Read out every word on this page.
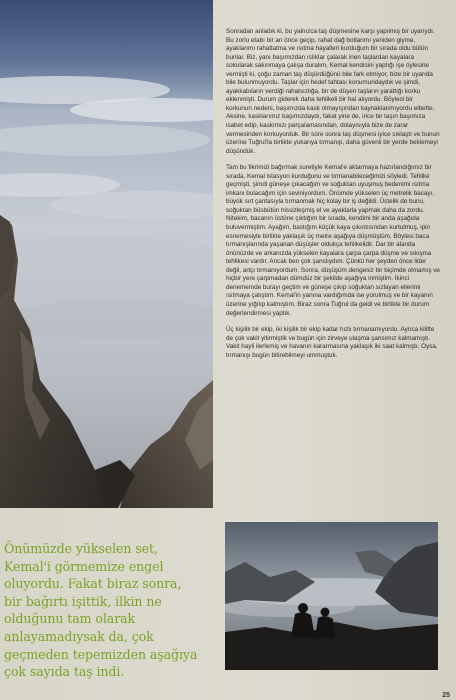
Sonradan anladık ki, bu yalnızca taş düşmesine karşı yapılmış bir uyarıydı. Bu zorlu etabı bir an önce geçip, rahat dağ botlarımı yeniden giyme, ayaklarımı rahatlatma ve ısıtma hayalleri kurduğum bir sırada oldu bütün bunlar. Biz, yanı başımızdan ıslıklar çalarak inen taşlardan kayalara sokularak sakınmaya çalışa duralım, Kemal kendisini yaptığı işe öylesine vermişti ki, çoğu zaman taş düşürdüğünü bile fark etmiyor, bize bir uyarıda bile bulunmuyordu. Taşlar için hedef tahtası konumundaydık ve şimdi, ayakkabıların verdiği rahatsızlığa, bir de düşen taşların yarattığı korku eklenmişti. Durum giderek daha tehlikeli bir hal alıyordu. Böylesi bir korkunun nedeni, başımızda kask olmayışından kaynaklanmıyordu elbette. Aksine, kasklarımız başımızdaydı, fakat yine de, irice bir taşın başımıza isabet edip, kaskımızı parçalamasından, dolayısıyla bize de zarar vermesinden korkuyorduk. Bir süre sonra taş düşmesi iyice sıklaştı ve bunun üzerine Tuğrul'la birlikte yukarıya tırmanıp, daha güvenli bir yerde beklemeyi düşündük.

Tam bu fikrimizi bağırmak suretiyle Kemal'e aktarmaya hazırlandığımız bir sırada, Kemal istasyon kurduğunu ve tırmanabileceğimizi söyledi. Tehlike geçmişti, şimdi güneşe çıkacağım ve soğuktan uyuşmuş bedenimi ısıtma imkanı bulacağım için seviniyordum. Önümde yükselen üç metrelik bacayı, büyük sırt çantasıyla tırmanmak hiç kolay bir iş değildi. Üstelik de bunu, soğuktan büsbütün hissizleşmiş el ve ayaklarla yapmak daha da zordu. Nitekim, bacanın üstüne çıktığım bir sırada, kendimi bir anda aşağıda buluvermiştim. Ayağım, bastığım küçük kaya çıkıntısından kurtulmuş, ipin esnemesiyle birlikte yaklaşık üç metre aşağıya düşmüştüm. Böylesi baca tırmanışlarında yaşanan düşüşler oldukça tehlikelidir. Dar bir alanda önünüzde ve arkanızda yükselen kayalara çarpa çarpa düşme ve sıkışma tehlikesi vardır. Ancak ben çok şanslıydım. Çünkü her şeyden önce lider değil, artçı tırmanıyordum. Sonra, düşüşüm dengesiz bir biçimde olmamış ve hiçbir yere çarpmadan dümdüz bir şekilde aşağıya inmiştim. İkinci denememde burayı geçtim ve güneşe çıkıp soğuktan sızlayan ellerimi ısıtmaya çalıştım. Kemal'in yanına vardığımda ise yorulmuş ve bir kayanın üzerine yığılıp kalmıştım. Biraz sonra Tuğrul da geldi ve birlikte bir durum değerlendirmesi yaptık.

Üç kişilik bir ekip, iki kişilik bir ekip kadar hızlı tırmanamıyordu. Ayrıca kilitte de çok vakit yitirmiştik ve bugün için zirveye ulaşma şansımız kalmamıştı. Vakit hayli ilerlemiş ve havanın kararmasına yaklaşık iki saat kalmıştı. Oysa, tırmanışı bugün bitirebilmeyi ummuştuk.

Önümüzde yükselen set,
Kemal'i görmemize engel
oluyordu. Fakat biraz sonra,
bir bağırtı işittik, ilkin ne
olduğunu tam olarak
anlayamadıysak da, çok
geçmeden tepemizden aşağıya
çok sayıda taş indi.
25
